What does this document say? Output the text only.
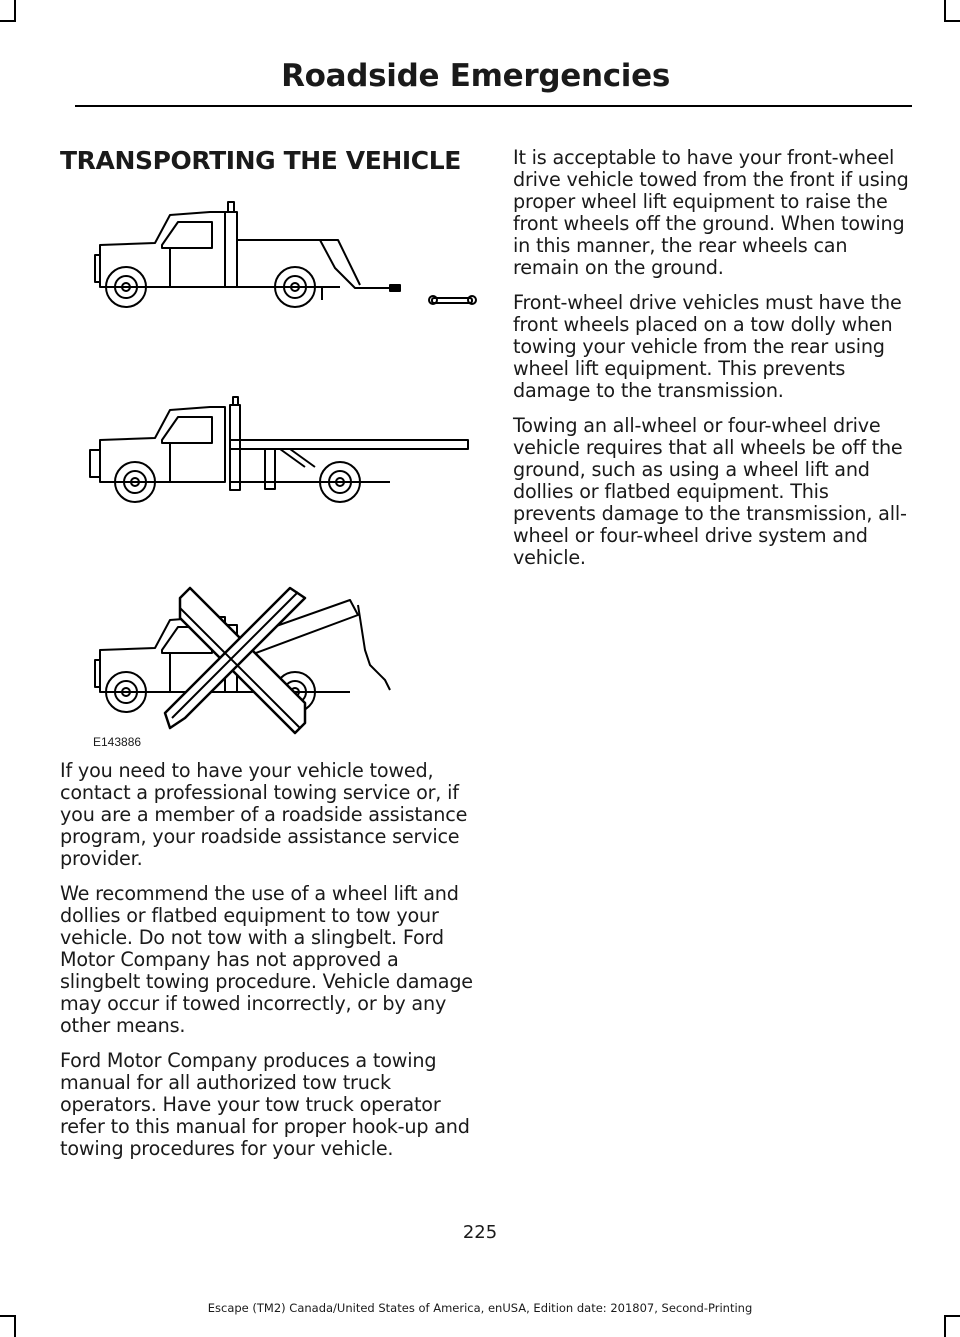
Roadside Emergencies
TRANSPORTING THE VEHICLE
E143886

If you need to have your vehicle towed, contact a professional towing service or, if you are a member of a roadside assistance program, your roadside assistance service provider.

We recommend the use of a wheel lift and dollies or flatbed equipment to tow your vehicle. Do not tow with a slingbelt. Ford Motor Company has not approved a slingbelt towing procedure. Vehicle damage may occur if towed incorrectly, or by any other means.

Ford Motor Company produces a towing manual for all authorized tow truck operators. Have your tow truck operator refer to this manual for proper hook-up and towing procedures for your vehicle.

It is acceptable to have your front-wheel drive vehicle towed from the front if using proper wheel lift equipment to raise the front wheels off the ground. When towing in this manner, the rear wheels can remain on the ground.

Front-wheel drive vehicles must have the front wheels placed on a tow dolly when towing your vehicle from the rear using wheel lift equipment. This prevents damage to the transmission.

Towing an all-wheel or four-wheel drive vehicle requires that all wheels be off the ground, such as using a wheel lift and dollies or flatbed equipment. This prevents damage to the transmission, all-wheel or four-wheel drive system and vehicle.

225
Escape (TM2) Canada/United States of America, enUSA, Edition date: 201807, Second-Printing
